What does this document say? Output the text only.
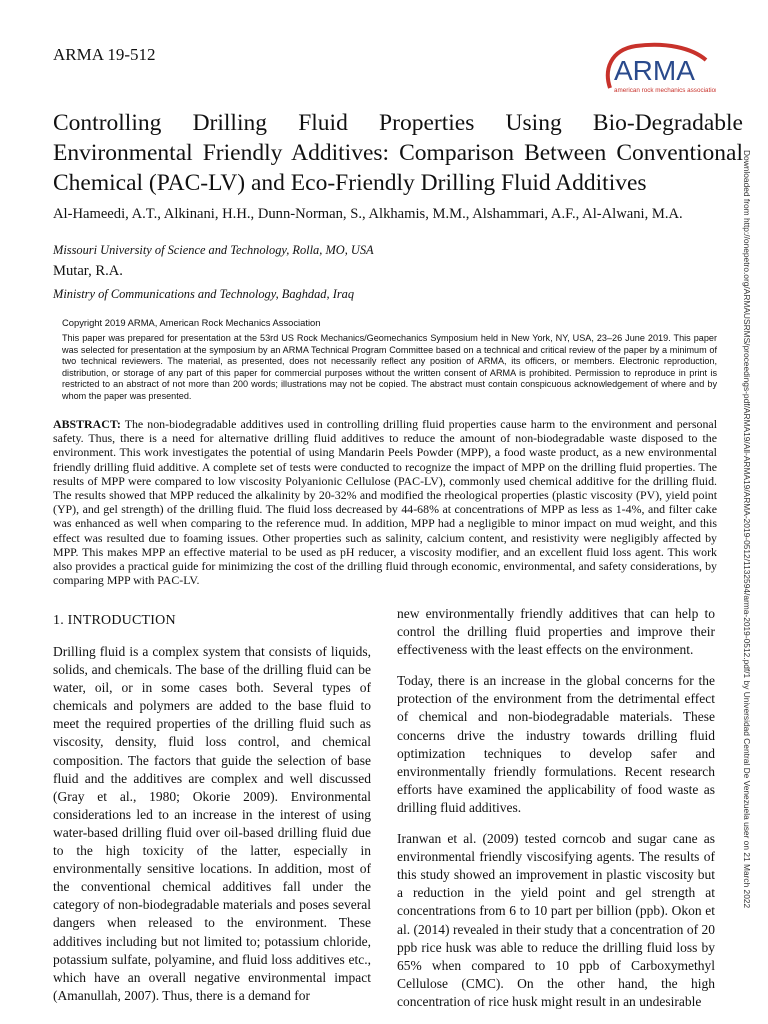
ARMA 19-512
ARMA
american rock mechanics association
Controlling Drilling Fluid Properties Using Bio-Degradable Environmental Friendly Additives: Comparison Between Conventional Chemical (PAC-LV) and Eco-Friendly Drilling Fluid Additives
Al-Hameedi, A.T., Alkinani, H.H., Dunn-Norman, S., Alkhamis, M.M., Alshammari, A.F., Al-Alwani, M.A.
Missouri University of Science and Technology, Rolla, MO, USA
Mutar, R.A.
Ministry of Communications and Technology, Baghdad, Iraq
Copyright 2019 ARMA, American Rock Mechanics Association
This paper was prepared for presentation at the 53rd US Rock Mechanics/Geomechanics Symposium held in New York, NY, USA, 23–26 June 2019. This paper was selected for presentation at the symposium by an ARMA Technical Program Committee based on a technical and critical review of the paper by a minimum of two technical reviewers. The material, as presented, does not necessarily reflect any position of ARMA, its officers, or members. Electronic reproduction, distribution, or storage of any part of this paper for commercial purposes without the written consent of ARMA is prohibited. Permission to reproduce in print is restricted to an abstract of not more than 200 words; illustrations may not be copied. The abstract must contain conspicuous acknowledgement of where and by whom the paper was presented.

ABSTRACT: The non-biodegradable additives used in controlling drilling fluid properties cause harm to the environment and personal safety. Thus, there is a need for alternative drilling fluid additives to reduce the amount of non-biodegradable waste disposed to the environment. This work investigates the potential of using Mandarin Peels Powder (MPP), a food waste product, as a new environmental friendly drilling fluid additive. A complete set of tests were conducted to recognize the impact of MPP on the drilling fluid properties. The results of MPP were compared to low viscosity Polyanionic Cellulose (PAC-LV), commonly used chemical additive for the drilling fluid. The results showed that MPP reduced the alkalinity by 20-32% and modified the rheological properties (plastic viscosity (PV), yield point (YP), and gel strength) of the drilling fluid. The fluid loss decreased by 44-68% at concentrations of MPP as less as 1-4%, and filter cake was enhanced as well when comparing to the reference mud. In addition, MPP had a negligible to minor impact on mud weight, and this effect was resulted due to foaming issues. Other properties such as salinity, calcium content, and resistivity were negligibly affected by MPP. This makes MPP an effective material to be used as pH reducer, a viscosity modifier, and an excellent fluid loss agent. This work also provides a practical guide for minimizing the cost of the drilling fluid through economic, environmental, and safety considerations, by comparing MPP with PAC-LV.

1. INTRODUCTION

Drilling fluid is a complex system that consists of liquids, solids, and chemicals. The base of the drilling fluid can be water, oil, or in some cases both. Several types of chemicals and polymers are added to the base fluid to meet the required properties of the drilling fluid such as viscosity, density, fluid loss control, and chemical composition. The factors that guide the selection of base fluid and the additives are complex and well discussed (Gray et al., 1980; Okorie 2009). Environmental considerations led to an increase in the interest of using water-based drilling fluid over oil-based drilling fluid due to the high toxicity of the latter, especially in environmentally sensitive locations. In addition, most of the conventional chemical additives fall under the category of non-biodegradable materials and poses several dangers when released to the environment. These additives including but not limited to; potassium chloride, potassium sulfate, polyamine, and fluid loss additives etc., which have an overall negative environmental impact (Amanullah, 2007). Thus, there is a demand for

new environmentally friendly additives that can help to control the drilling fluid properties and improve their effectiveness with the least effects on the environment.

Today, there is an increase in the global concerns for the protection of the environment from the detrimental effect of chemical and non-biodegradable materials. These concerns drive the industry towards drilling fluid optimization techniques to develop safer and environmentally friendly formulations. Recent research efforts have examined the applicability of food waste as drilling fluid additives.

Iranwan et al. (2009) tested corncob and sugar cane as environmental friendly viscosifying agents. The results of this study showed an improvement in plastic viscosity but a reduction in the yield point and gel strength at concentrations from 6 to 10 part per billion (ppb). Okon et al. (2014) revealed in their study that a concentration of 20 ppb rice husk was able to reduce the drilling fluid loss by 65% when compared to 10 ppb of Carboxymethyl Cellulose (CMC). On the other hand, the high concentration of rice husk might result in an undesirable

Downloaded from http://onepetro.org/ARMAUSRMS/proceedings-pdf/ARMA19/All-ARMA19/ARMA-2019-0512/1132594/arma-2019-0512.pdf/1 by Universidad Central De Venezuela user on 21 March 2022
